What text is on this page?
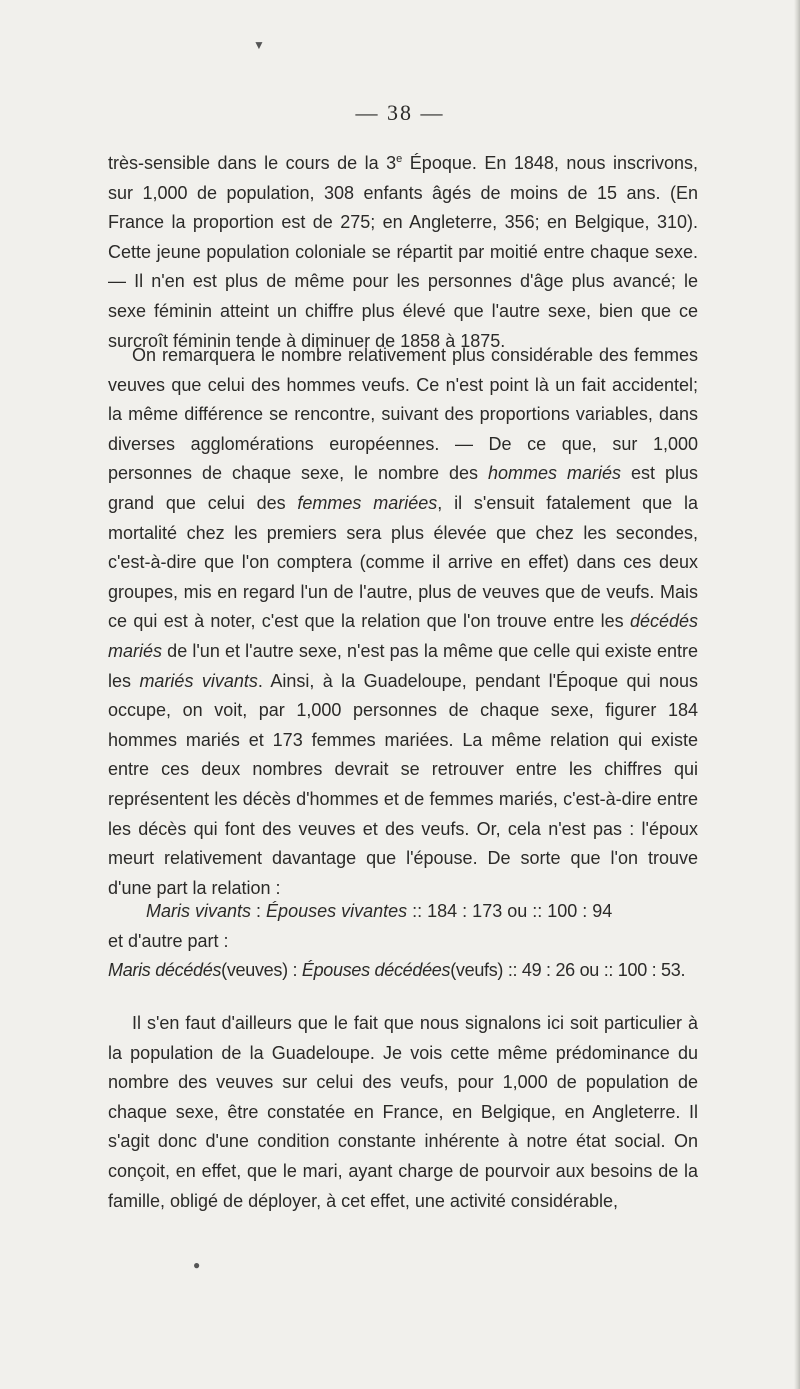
▼
●
— 38 —

très-sensible dans le cours de la 3e Époque. En 1848, nous inscrivons, sur 1,000 de population, 308 enfants âgés de moins de 15 ans. (En France la proportion est de 275; en Angleterre, 356; en Belgique, 310). Cette jeune population coloniale se répartit par moitié entre chaque sexe. — Il n'en est plus de même pour les personnes d'âge plus avancé; le sexe féminin atteint un chiffre plus élevé que l'autre sexe, bien que ce surcroît féminin tende à diminuer de 1858 à 1875.

On remarquera le nombre relativement plus considérable des femmes veuves que celui des hommes veufs. Ce n'est point là un fait accidentel; la même différence se rencontre, suivant des proportions variables, dans diverses agglomérations européennes. — De ce que, sur 1,000 personnes de chaque sexe, le nombre des hommes mariés est plus grand que celui des femmes mariées, il s'ensuit fatalement que la mortalité chez les premiers sera plus élevée que chez les secondes, c'est-à-dire que l'on comptera (comme il arrive en effet) dans ces deux groupes, mis en regard l'un de l'autre, plus de veuves que de veufs. Mais ce qui est à noter, c'est que la relation que l'on trouve entre les décédés mariés de l'un et l'autre sexe, n'est pas la même que celle qui existe entre les mariés vivants. Ainsi, à la Guadeloupe, pendant l'Époque qui nous occupe, on voit, par 1,000 personnes de chaque sexe, figurer 184 hommes mariés et 173 femmes mariées. La même relation qui existe entre ces deux nombres devrait se retrouver entre les chiffres qui représentent les décès d'hommes et de femmes mariés, c'est-à-dire entre les décès qui font des veuves et des veufs. Or, cela n'est pas : l'époux meurt relativement davantage que l'épouse. De sorte que l'on trouve d'une part la relation :

Maris vivants : Épouses vivantes :: 184 : 173 ou :: 100 : 94
et d'autre part :
Maris décédés(veuves) : Épouses décédées(veufs) :: 49 : 26 ou :: 100 : 53.

Il s'en faut d'ailleurs que le fait que nous signalons ici soit particulier à la population de la Guadeloupe. Je vois cette même prédominance du nombre des veuves sur celui des veufs, pour 1,000 de population de chaque sexe, être constatée en France, en Belgique, en Angleterre. Il s'agit donc d'une condition constante inhérente à notre état social. On conçoit, en effet, que le mari, ayant charge de pourvoir aux besoins de la famille, obligé de déployer, à cet effet, une activité considérable,
